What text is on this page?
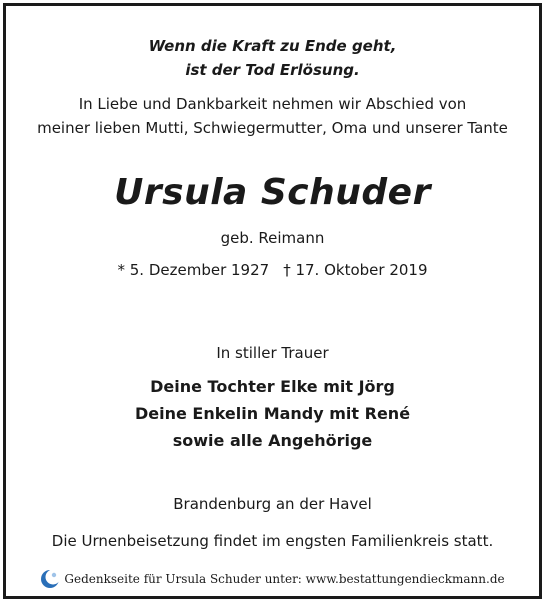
Wenn die Kraft zu Ende geht,
ist der Tod Erlösung.
In Liebe und Dankbarkeit nehmen wir Abschied von
meiner lieben Mutti, Schwiegermutter, Oma und unserer Tante
Ursula Schuder
geb. Reimann
* 5. Dezember 1927 † 17. Oktober 2019
In stiller Trauer
Deine Tochter Elke mit Jörg
Deine Enkelin Mandy mit René
sowie alle Angehörige
Brandenburg an der Havel
Die Urnenbeisetzung findet im engsten Familienkreis statt.
Gedenkseite für Ursula Schuder unter: www.bestattungendieckmann.de
